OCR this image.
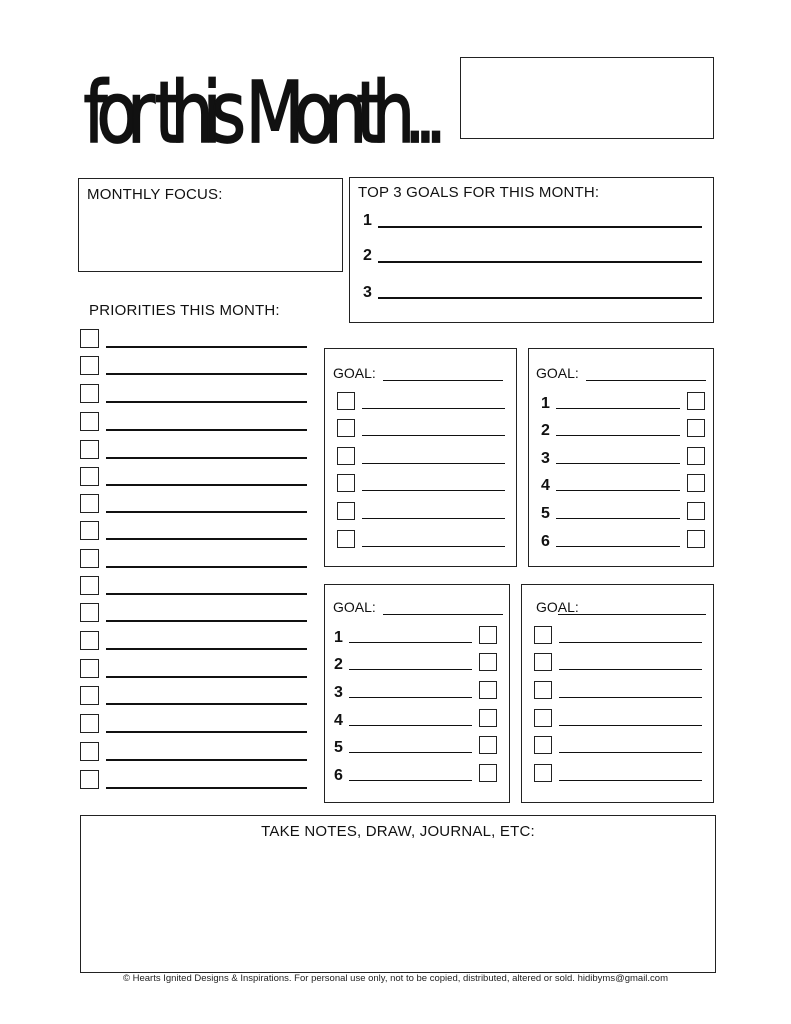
for this Month...
MONTHLY FOCUS:	TOP 3 GOALS FOR THIS MONTH:
1
2
3
PRIORITIES THIS MONTH:
GOAL:	GOAL:
GOAL:	GOAL:
1
2
3
4
5
6
1
2
3
4
5
6
TAKE NOTES, DRAW, JOURNAL, ETC:
© Hearts Ignited Designs & Inspirations. For personal use only, not to be copied, distributed, altered or sold. hidibyms@gmail.com
